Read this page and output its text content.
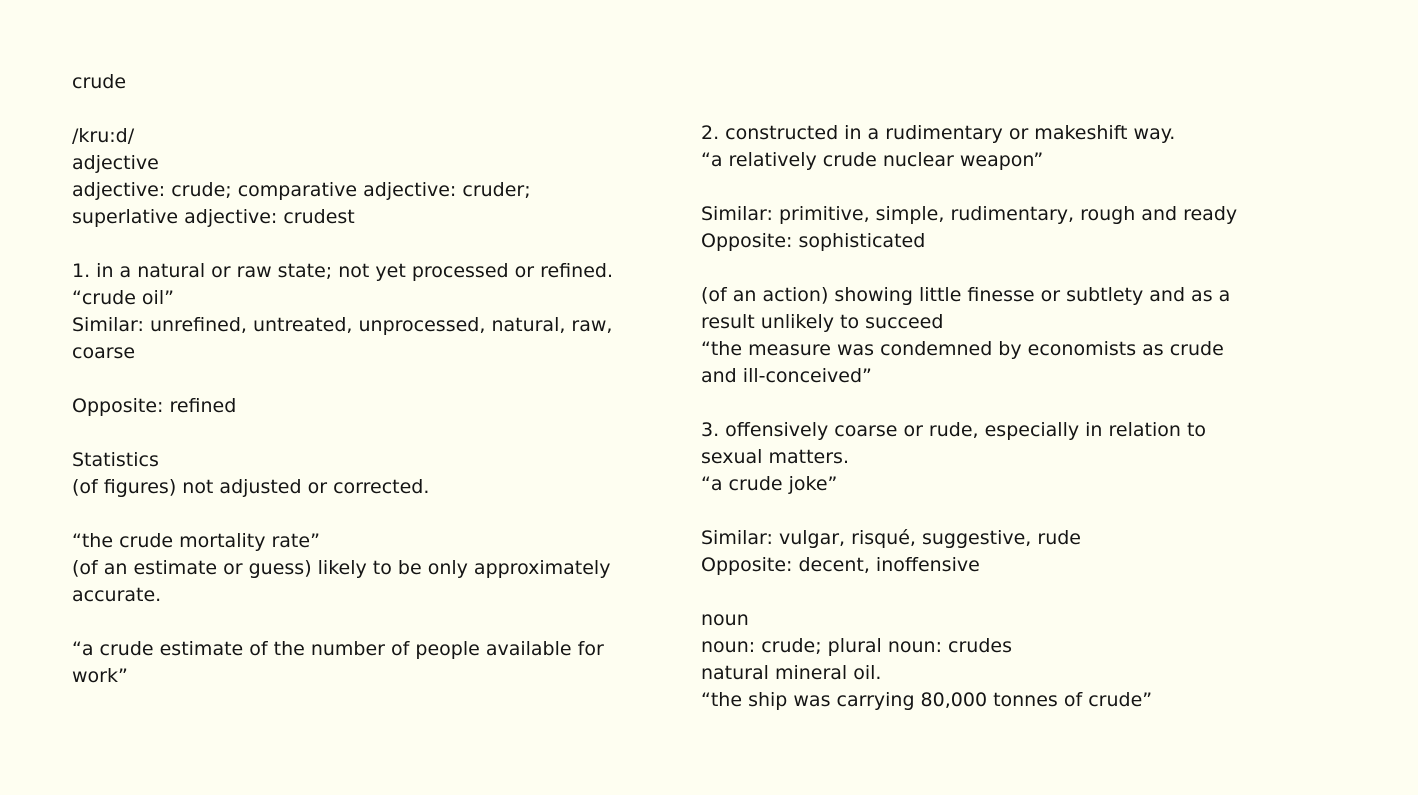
crude
/kru:d/
adjective
adjective: crude; comparative adjective: cruder;
superlative adjective: crudest
1. in a natural or raw state; not yet processed or refined.
“crude oil”
Similar: unrefined, untreated, unprocessed, natural, raw,
coarse
Opposite: refined
Statistics
(of figures) not adjusted or corrected.
“the crude mortality rate”
(of an estimate or guess) likely to be only approximately
accurate.
“a crude estimate of the number of people available for
work”
2. constructed in a rudimentary or makeshift way.
“a relatively crude nuclear weapon”
Similar: primitive, simple, rudimentary, rough and ready
Opposite: sophisticated
(of an action) showing little finesse or subtlety and as a
result unlikely to succeed
“the measure was condemned by economists as crude
and ill-conceived”
3. offensively coarse or rude, especially in relation to
sexual matters.
“a crude joke”
Similar: vulgar, risqué, suggestive, rude
Opposite: decent, inoffensive
noun
noun: crude; plural noun: crudes
natural mineral oil.
“the ship was carrying 80,000 tonnes of crude”
